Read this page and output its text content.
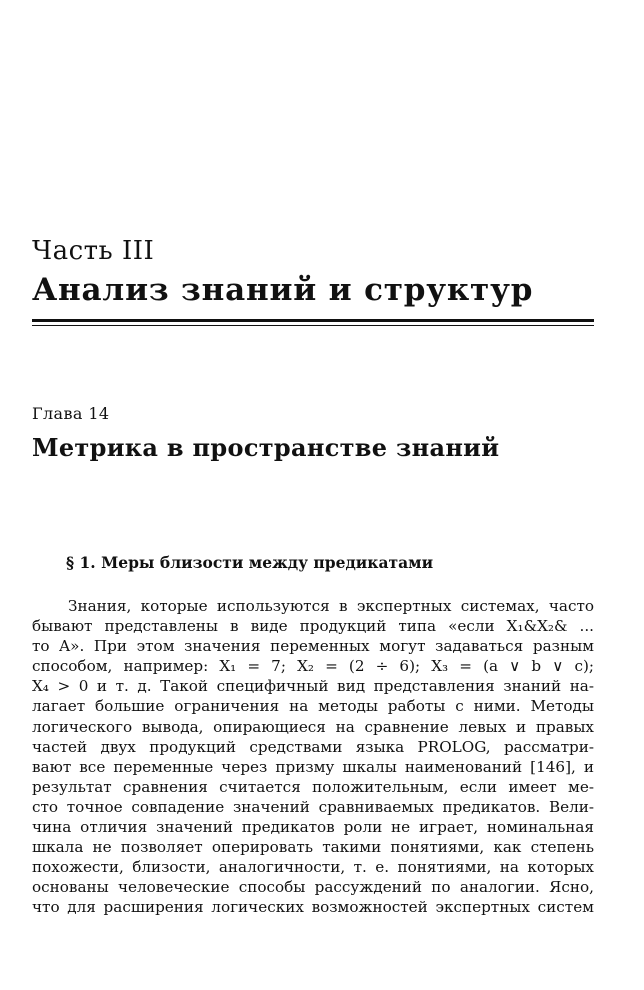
Часть III
Анализ знаний и структур
Глава 14
Метрика в пространстве знаний
§ 1. Меры близости между предикатами
Знания, которые используются в экспертных системах, часто
бывают представлены в виде продукций типа «если X₁&X₂& ...
то A». При этом значения переменных могут задаваться разным
способом, например: X₁ = 7; X₂ = (2 ÷ 6); X₃ = (a ∨ b ∨ c);
X₄ > 0 и т. д. Такой специфичный вид представления знаний на-
лагает большие ограничения на методы работы с ними. Методы
логического вывода, опирающиеся на сравнение левых и правых
частей двух продукций средствами языка PROLOG, рассматри-
вают все переменные через призму шкалы наименований [146], и
результат сравнения считается положительным, если имеет ме-
сто точное совпадение значений сравниваемых предикатов. Вели-
чина отличия значений предикатов роли не играет, номинальная
шкала не позволяет оперировать такими понятиями, как степень
похожести, близости, аналогичности, т. е. понятиями, на которых
основаны человеческие способы рассуждений по аналогии. Ясно,
что для расширения логических возможностей экспертных систем
